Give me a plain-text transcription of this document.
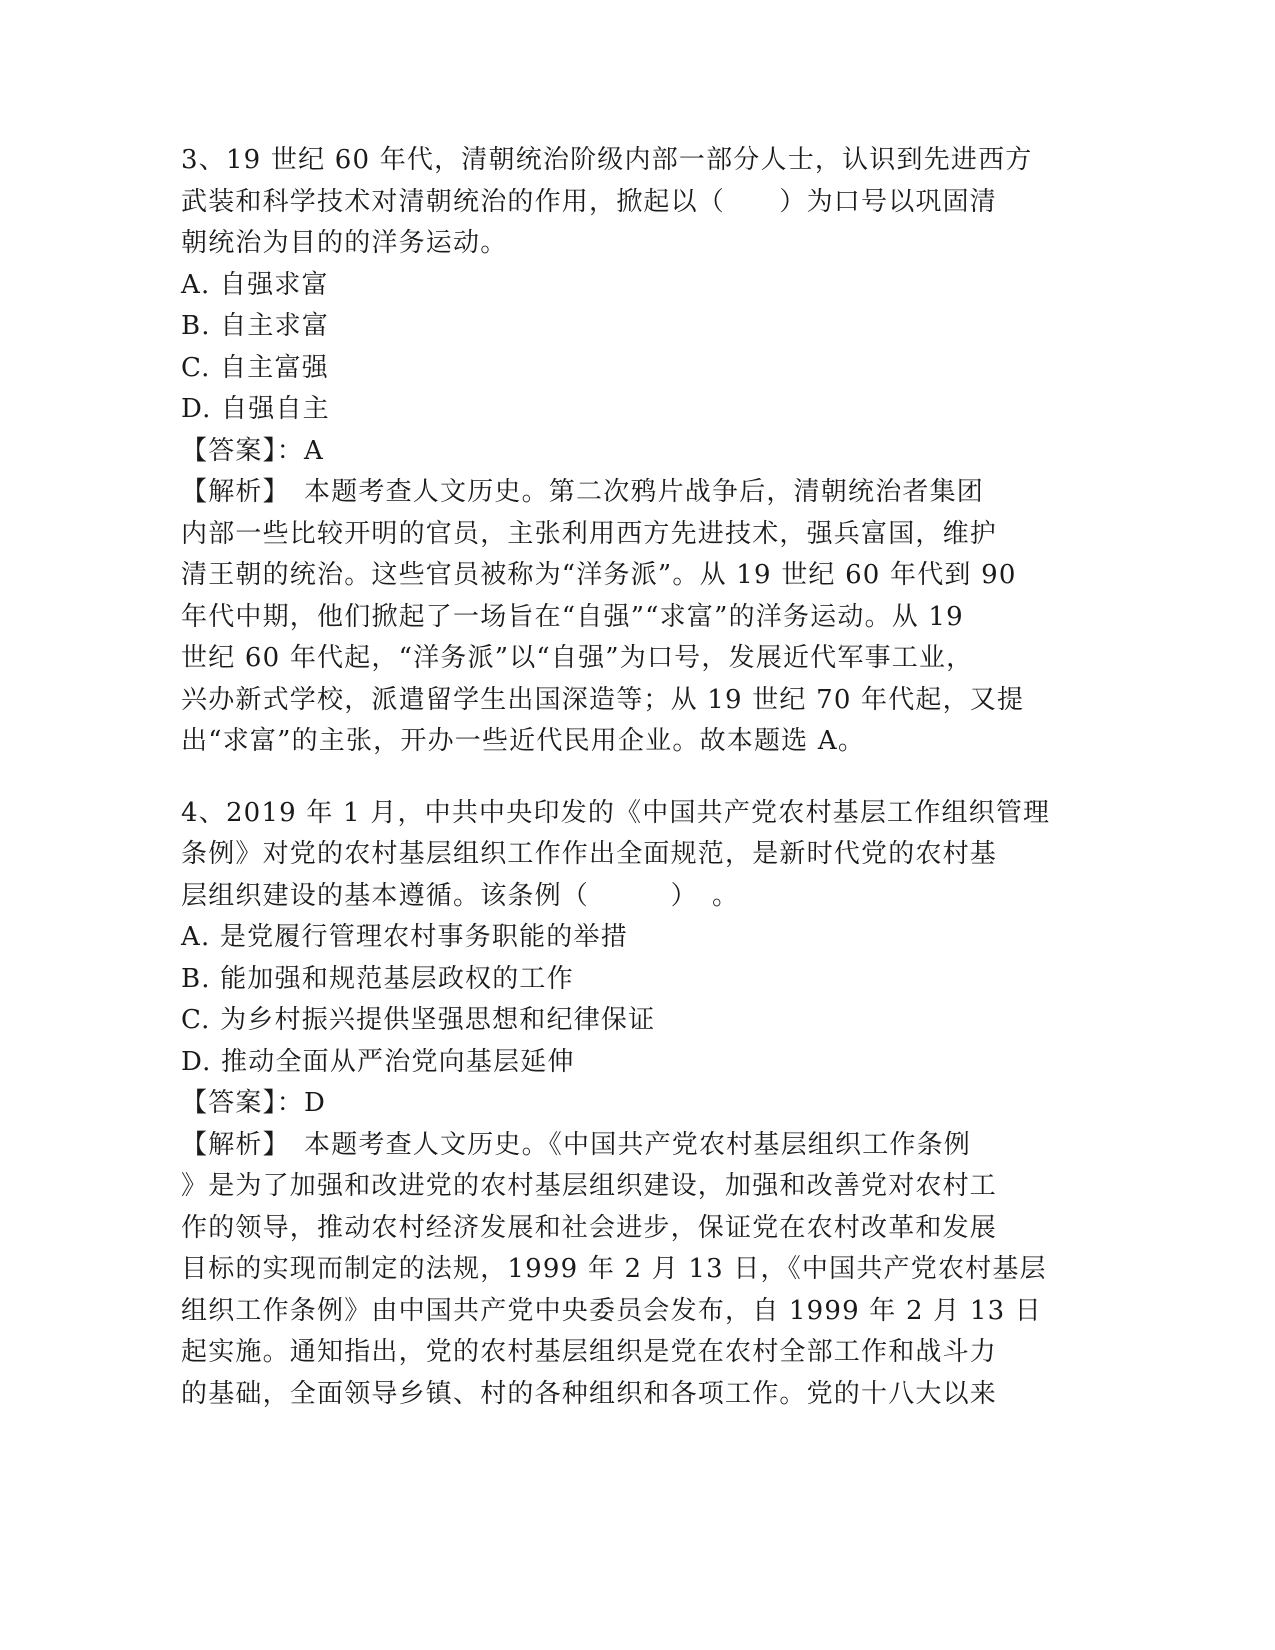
3、19 世纪 60 年代，清朝统治阶级内部一部分人士，认识到先进西方
武装和科学技术对清朝统治的作用，掀起以（　　）为口号以巩固清
朝统治为目的的洋务运动。
A. 自强求富
B. 自主求富
C. 自主富强
D. 自强自主
【答案】：A
【解析】　本题考查人文历史。第二次鸦片战争后，清朝统治者集团
内部一些比较开明的官员，主张利用西方先进技术，强兵富国，维护
清王朝的统治。这些官员被称为“洋务派”。从 19 世纪 60 年代到 90
年代中期，他们掀起了一场旨在“自强”“求富”的洋务运动。从 19
世纪 60 年代起，“洋务派”以“自强”为口号，发展近代军事工业，
兴办新式学校，派遣留学生出国深造等；从 19 世纪 70 年代起，又提
出“求富”的主张，开办一些近代民用企业。故本题选 A。
4、2019 年 1 月，中共中央印发的《中国共产党农村基层工作组织管理
条例》对党的农村基层组织工作作出全面规范，是新时代党的农村基
层组织建设的基本遵循。该条例（　　　）　。
A. 是党履行管理农村事务职能的举措
B. 能加强和规范基层政权的工作
C. 为乡村振兴提供坚强思想和纪律保证
D. 推动全面从严治党向基层延伸
【答案】：D
【解析】　本题考查人文历史。《中国共产党农村基层组织工作条例
》是为了加强和改进党的农村基层组织建设，加强和改善党对农村工
作的领导，推动农村经济发展和社会进步，保证党在农村改革和发展
目标的实现而制定的法规，1999 年 2 月 13 日，《中国共产党农村基层
组织工作条例》由中国共产党中央委员会发布，自 1999 年 2 月 13 日
起实施。通知指出，党的农村基层组织是党在农村全部工作和战斗力
的基础，全面领导乡镇、村的各种组织和各项工作。党的十八大以来
